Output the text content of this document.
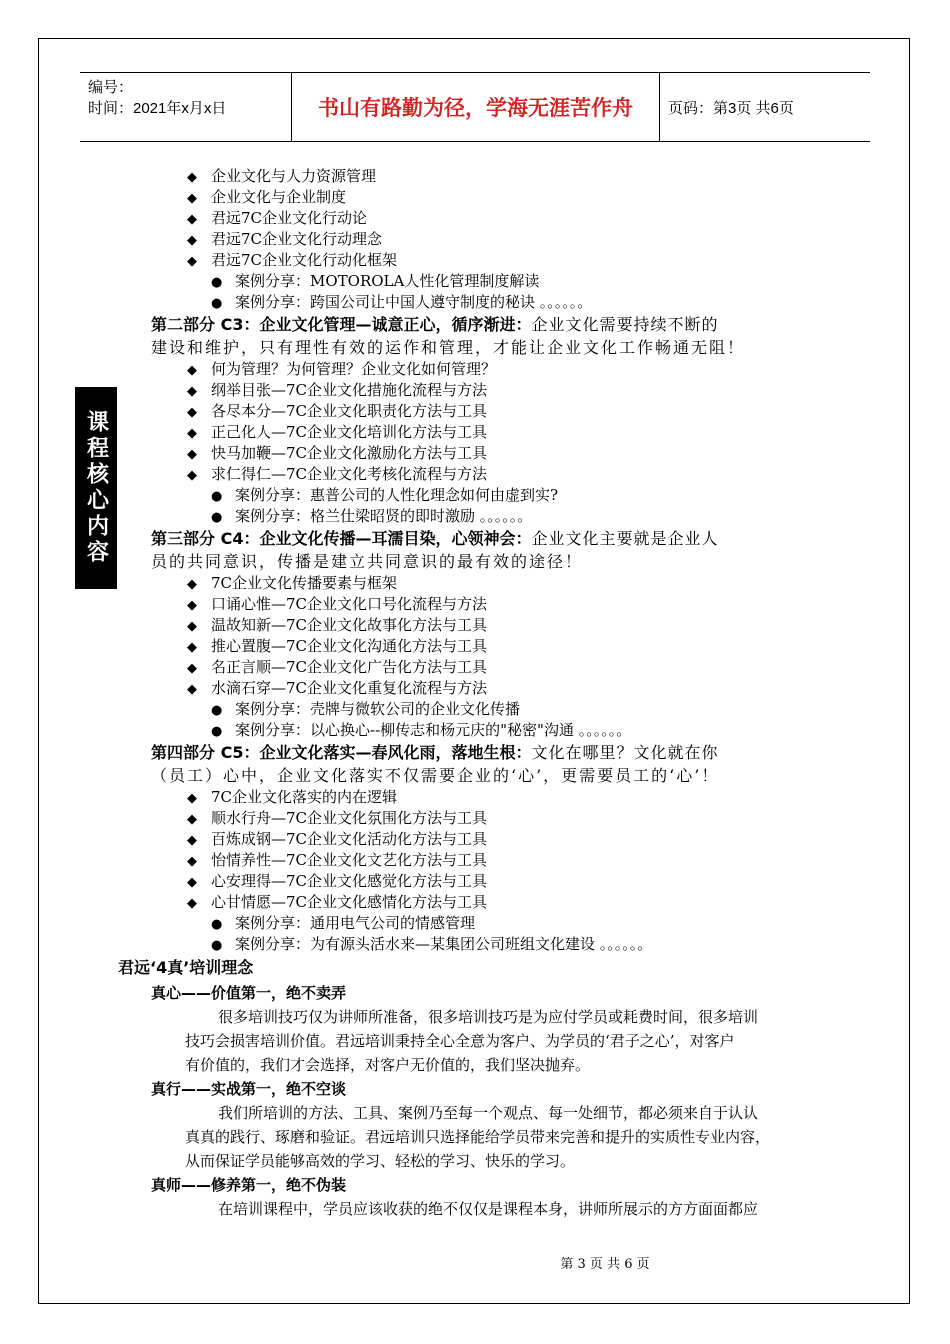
编号：
时间：2021年x月x日	书山有路勤为径，学海无涯苦作舟	页码：第3页 共6页
课程核心内容
◆ 企业文化与人力资源管理
◆ 企业文化与企业制度
◆ 君远7C企业文化行动论
◆ 君远7C企业文化行动理念
◆ 君远7C企业文化行动化框架
● 案例分享：MOTOROLA人性化管理制度解读
● 案例分享：跨国公司让中国人遵守制度的秘诀 。。。。。。
第二部分 C3：企业文化管理—诚意正心，循序渐进：企业文化需要持续不断的
建设和维护，只有理性有效的运作和管理，才能让企业文化工作畅通无阻！
◆ 何为管理？为何管理？企业文化如何管理？
◆ 纲举目张—7C企业文化措施化流程与方法
◆ 各尽本分—7C企业文化职责化方法与工具
◆ 正己化人—7C企业文化培训化方法与工具
◆ 快马加鞭—7C企业文化激励化方法与工具
◆ 求仁得仁—7C企业文化考核化流程与方法
● 案例分享：惠普公司的人性化理念如何由虚到实?
● 案例分享：格兰仕梁昭贤的即时激励 。。。。。。
第三部分 C4：企业文化传播—耳濡目染，心领神会：企业文化主要就是企业人
员的共同意识，传播是建立共同意识的最有效的途径！
◆ 7C企业文化传播要素与框架
◆ 口诵心惟—7C企业文化口号化流程与方法
◆ 温故知新—7C企业文化故事化方法与工具
◆ 推心置腹—7C企业文化沟通化方法与工具
◆ 名正言顺—7C企业文化广告化方法与工具
◆ 水滴石穿—7C企业文化重复化流程与方法
● 案例分享：壳牌与微软公司的企业文化传播
● 案例分享：以心换心--柳传志和杨元庆的"秘密"沟通 。。。。。。
第四部分 C5：企业文化落实—春风化雨，落地生根：文化在哪里？文化就在你
（员工）心中，企业文化落实不仅需要企业的‘心’，更需要员工的‘心’！
◆ 7C企业文化落实的内在逻辑
◆ 顺水行舟—7C企业文化氛围化方法与工具
◆ 百炼成钢—7C企业文化活动化方法与工具
◆ 怡情养性—7C企业文化文艺化方法与工具
◆ 心安理得—7C企业文化感觉化方法与工具
◆ 心甘情愿—7C企业文化感情化方法与工具
● 案例分享：通用电气公司的情感管理
● 案例分享：为有源头活水来—某集团公司班组文化建设 。。。。。。
君远‘4真’培训理念
真心——价值第一，绝不卖弄
很多培训技巧仅为讲师所准备，很多培训技巧是为应付学员或耗费时间，很多培训
技巧会损害培训价值。君远培训秉持全心全意为客户、为学员的‘君子之心’，对客户
有价值的，我们才会选择，对客户无价值的，我们坚决抛弃。
真行——实战第一，绝不空谈
我们所培训的方法、工具、案例乃至每一个观点、每一处细节，都必须来自于认认
真真的践行、琢磨和验证。君远培训只选择能给学员带来完善和提升的实质性专业内容，
从而保证学员能够高效的学习、轻松的学习、快乐的学习。
真师——修养第一，绝不伪装
在培训课程中，学员应该收获的绝不仅仅是课程本身，讲师所展示的方方面面都应
第 3 页 共 6 页
